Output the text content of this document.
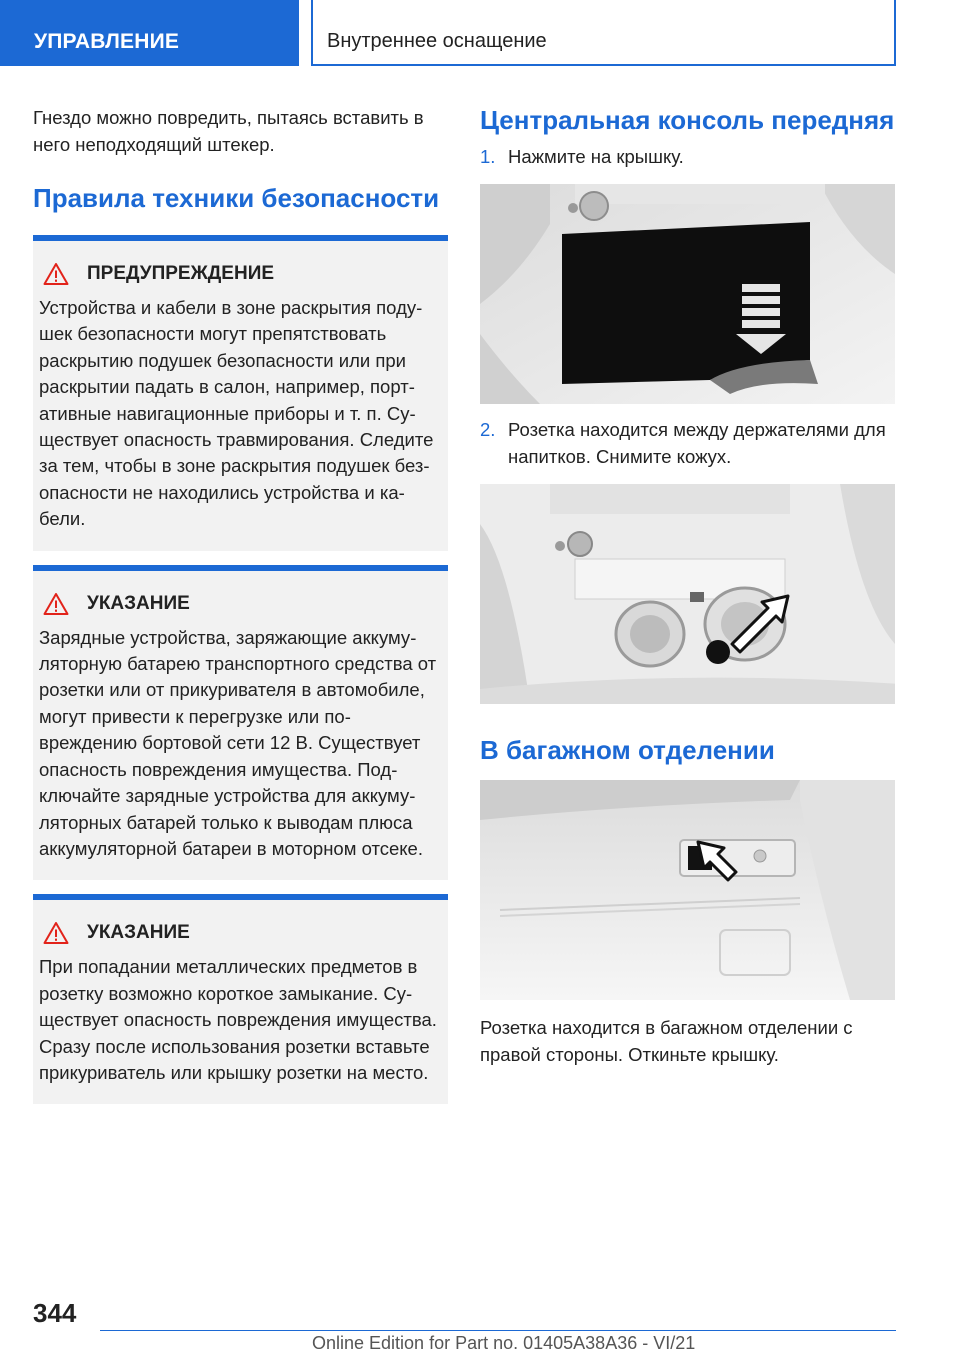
УПРАВЛЕНИЕ	Внутреннее оснащение

Гнездо можно повредить, пытаясь вставить в него неподходящий штекер.

Правила техники безопасности
ПРЕДУПРЕЖДЕНИЕ

Устройства и кабели в зоне раскрытия подушек безопасности могут препятствовать раскрытию подушек безопасности или при раскрытии падать в салон, например, портативные навигационные приборы и т. п. Существует опасность травмирования. Следите за тем, чтобы в зоне раскрытия подушек безопасности не находились устройства и кабели.

УКАЗАНИЕ

Зарядные устройства, заряжающие аккумуляторную батарею транспортного средства от розетки или от прикуривателя в автомобиле, могут привести к перегрузке или повреждению бортовой сети 12 В. Существует опасность повреждения имущества. Подключайте зарядные устройства для аккумуляторных батарей только к выводам плюса аккумуляторной батареи в моторном отсеке.

УКАЗАНИЕ

При попадании металлических предметов в розетку возможно короткое замыкание. Существует опасность повреждения имущества. Сразу после использования розетки вставьте прикуриватель или крышку розетки на место.

Центральная консоль передняя
1. Нажмите на крышку.
2. Розетка находится между держателями для напитков. Снимите кожух.
В багажном отделении

Розетка находится в багажном отделении с правой стороны. Откиньте крышку.

344
Online Edition for Part no. 01405A38A36 - VI/21
